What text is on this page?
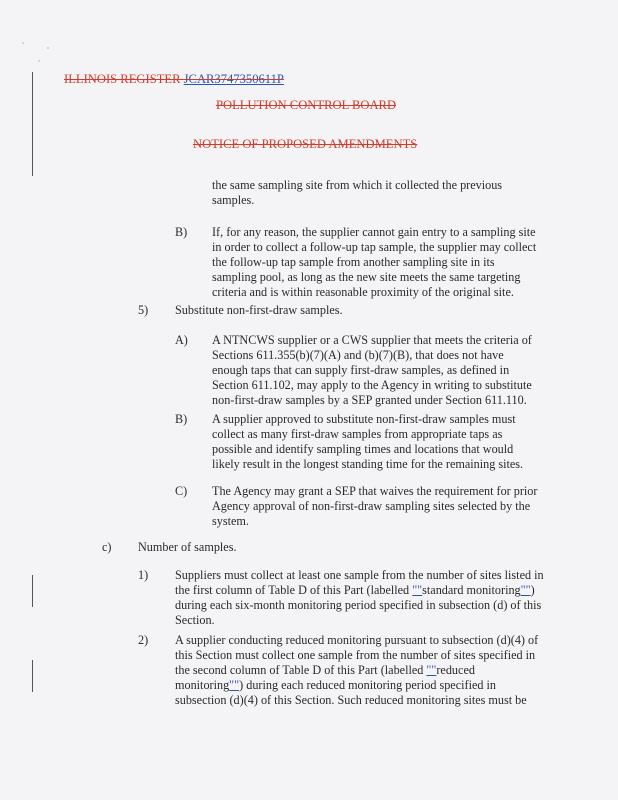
ILLINOIS REGISTER JCAR3747350611P
POLLUTION CONTROL BOARD
NOTICE OF PROPOSED AMENDMENTS
the same sampling site from which it collected the previous samples.
B) If, for any reason, the supplier cannot gain entry to a sampling site in order to collect a follow-up tap sample, the supplier may collect the follow-up tap sample from another sampling site in its sampling pool, as long as the new site meets the same targeting criteria and is within reasonable proximity of the original site.
5) Substitute non-first-draw samples.
A) A NTNCWS supplier or a CWS supplier that meets the criteria of Sections 611.355(b)(7)(A) and (b)(7)(B), that does not have enough taps that can supply first-draw samples, as defined in Section 611.102, may apply to the Agency in writing to substitute non-first-draw samples by a SEP granted under Section 611.110.
B) A supplier approved to substitute non-first-draw samples must collect as many first-draw samples from appropriate taps as possible and identify sampling times and locations that would likely result in the longest standing time for the remaining sites.
C) The Agency may grant a SEP that waives the requirement for prior Agency approval of non-first-draw sampling sites selected by the system.
c) Number of samples.
1) Suppliers must collect at least one sample from the number of sites listed in the first column of Table D of this Part (labelled ""standard monitoring"") during each six-month monitoring period specified in subsection (d) of this Section.
2) A supplier conducting reduced monitoring pursuant to subsection (d)(4) of this Section must collect one sample from the number of sites specified in the second column of Table D of this Part (labelled ""reduced monitoring"") during each reduced monitoring period specified in subsection (d)(4) of this Section. Such reduced monitoring sites must be
